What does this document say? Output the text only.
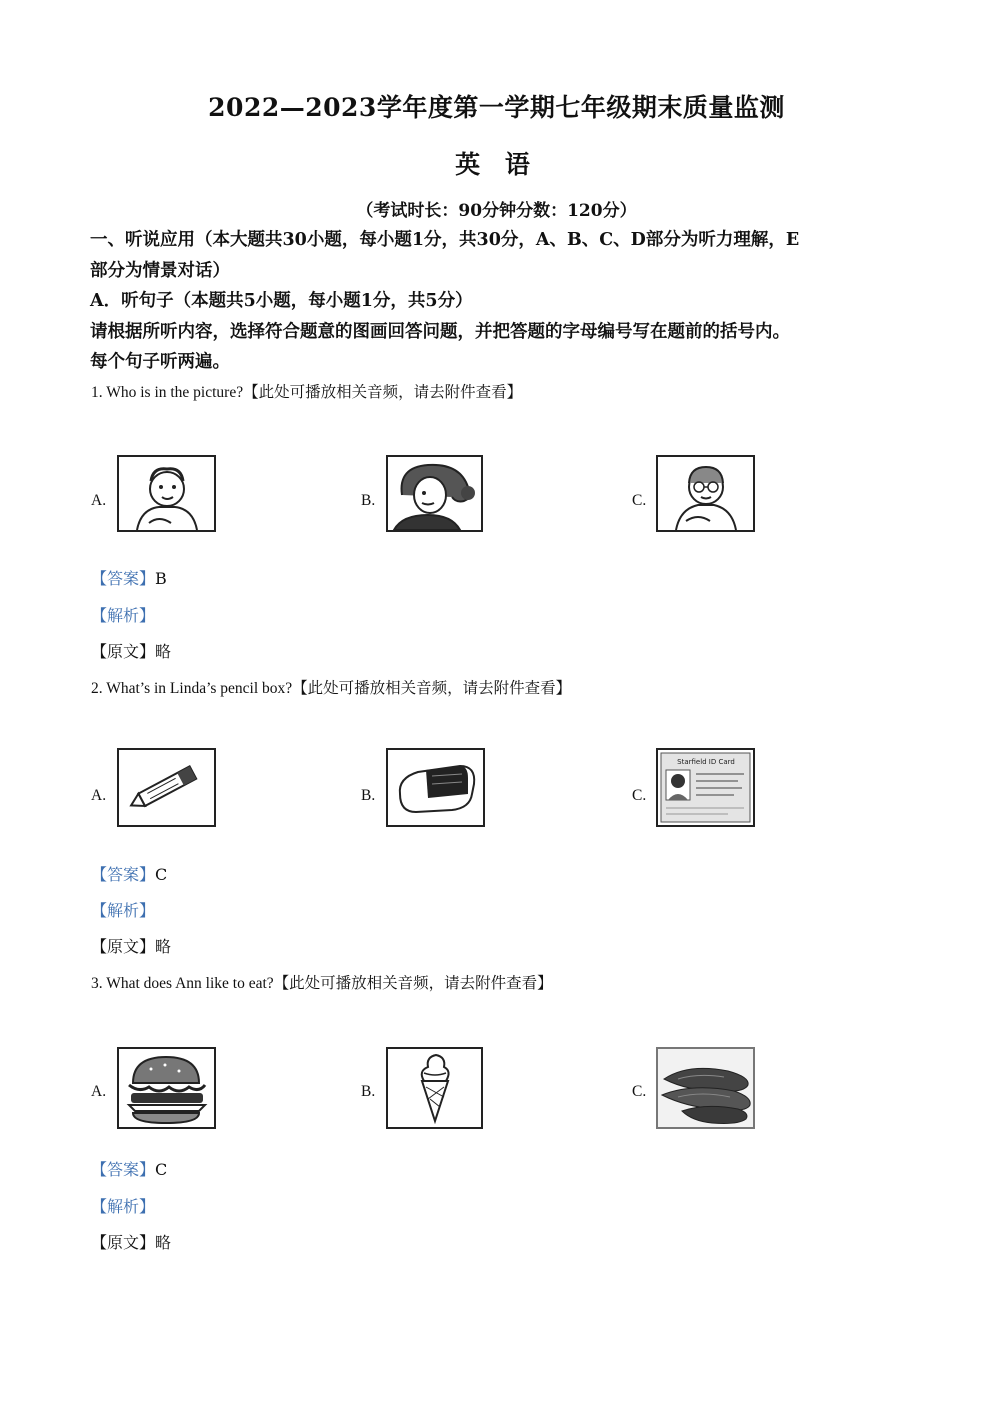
2022—2023学年度第一学期七年级期末质量监测
英 语
（考试时长：90分钟分数：120分）
一、听说应用（本大题共30小题，每小题1分，共30分，A、B、C、D部分为听力理解，E
部分为情景对话）
A．听句子（本题共5小题，每小题1分，共5分）
请根据所听内容，选择符合题意的图画回答问题，并把答题的字母编号写在题前的括号内。
每个句子听两遍。
1. Who is in the picture?【此处可播放相关音频，请去附件查看】
A.	B.	C.
【答案】B
【解析】
【原文】略
2. What’s in Linda’s pencil box?【此处可播放相关音频，请去附件查看】
A.	B.	C.
Starfield ID Card
【答案】C
【解析】
【原文】略
3. What does Ann like to eat?【此处可播放相关音频，请去附件查看】
A.	B.	C.
【答案】C
【解析】
【原文】略
